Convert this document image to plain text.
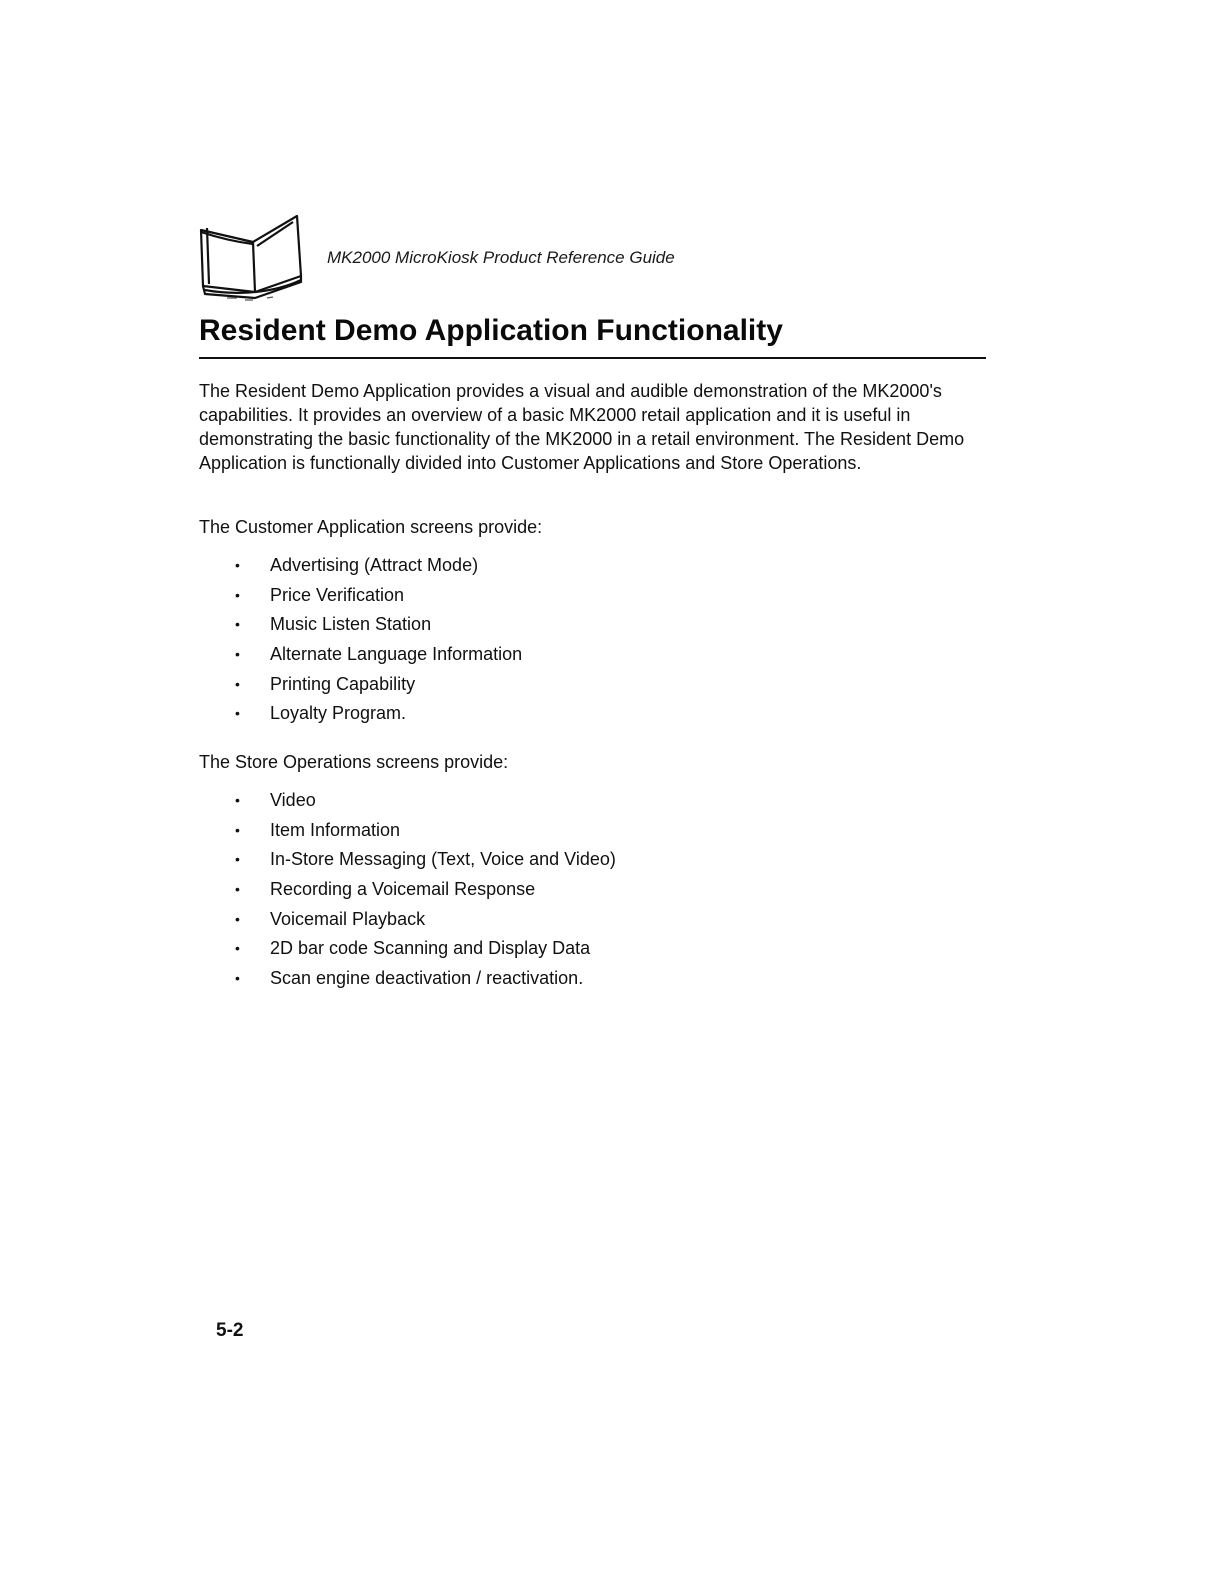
MK2000 MicroKiosk Product Reference Guide
Resident Demo Application Functionality

The Resident Demo Application provides a visual and audible demonstration of the MK2000's capabilities. It provides an overview of a basic MK2000 retail application and it is useful in demonstrating the basic functionality of the MK2000 in a retail environment. The Resident Demo Application is functionally divided into Customer Applications and Store Operations.

The Customer Application screens provide:

• Advertising (Attract Mode)
• Price Verification
• Music Listen Station
• Alternate Language Information
• Printing Capability
• Loyalty Program.

The Store Operations screens provide:

• Video
• Item Information
• In-Store Messaging (Text, Voice and Video)
• Recording a Voicemail Response
• Voicemail Playback
• 2D bar code Scanning and Display Data
• Scan engine deactivation / reactivation.
5-2
